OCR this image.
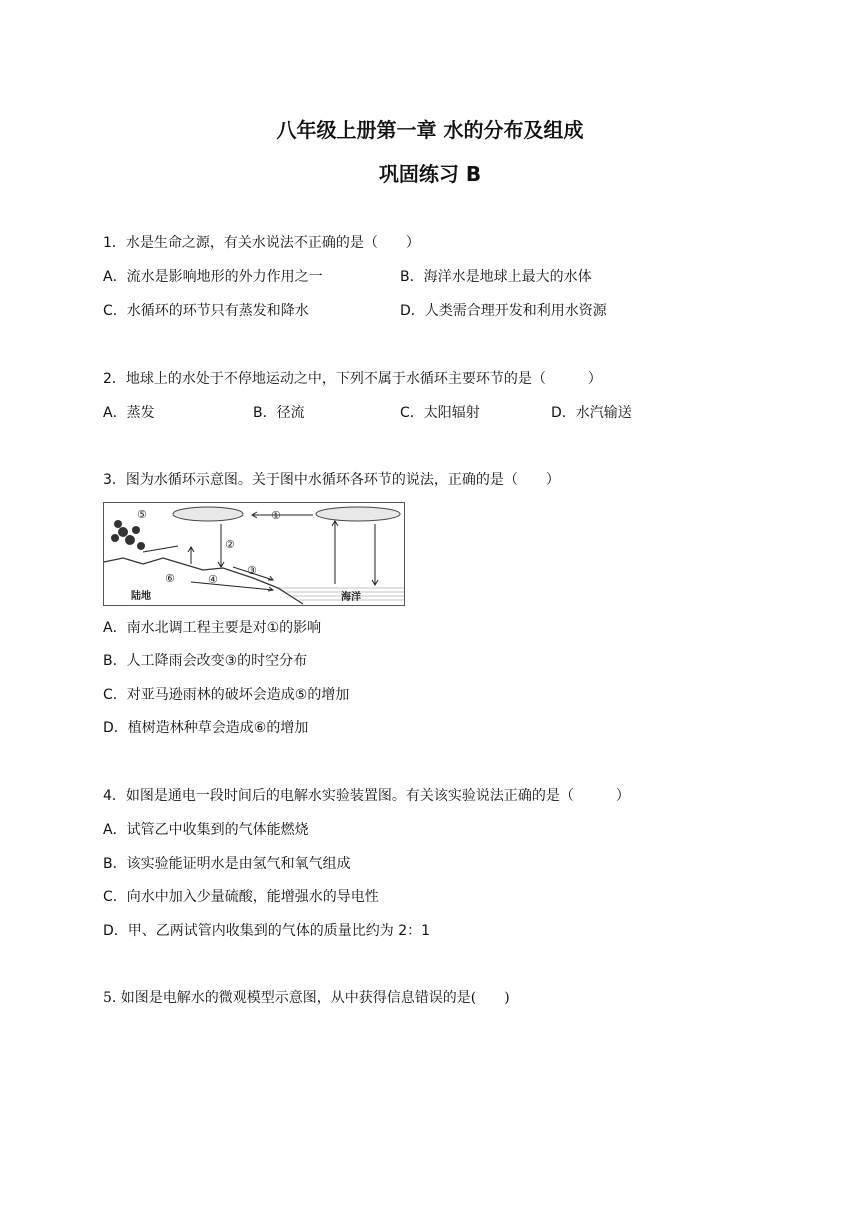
八年级上册第一章 水的分布及组成
巩固练习 B
1．水是生命之源，有关水说法不正确的是（　　）
A．流水是影响地形的外力作用之一	B．海洋水是地球上最大的水体
C．水循环的环节只有蒸发和降水	D．人类需合理开发和利用水资源
2．地球上的水处于不停地运动之中，下列不属于水循环主要环节的是（　　　）
A．蒸发	B．径流	C．太阳辐射	D．水汽输送
3．图为水循环示意图。关于图中水循环各环节的说法，正确的是（　　）
⑤	①
②
③
④
⑥
陆地	海洋
A．南水北调工程主要是对①的影响
B．人工降雨会改变③的时空分布
C．对亚马逊雨林的破坏会造成⑤的增加
D．植树造林种草会造成⑥的增加
4．如图是通电一段时间后的电解水实验装置图。有关该实验说法正确的是（　　　）
A．试管乙中收集到的气体能燃烧
B．该实验能证明水是由氢气和氧气组成
C．向水中加入少量硫酸，能增强水的导电性
D．甲、乙两试管内收集到的气体的质量比约为 2：1
5. 如图是电解水的微观模型示意图，从中获得信息错误的是(　　)
